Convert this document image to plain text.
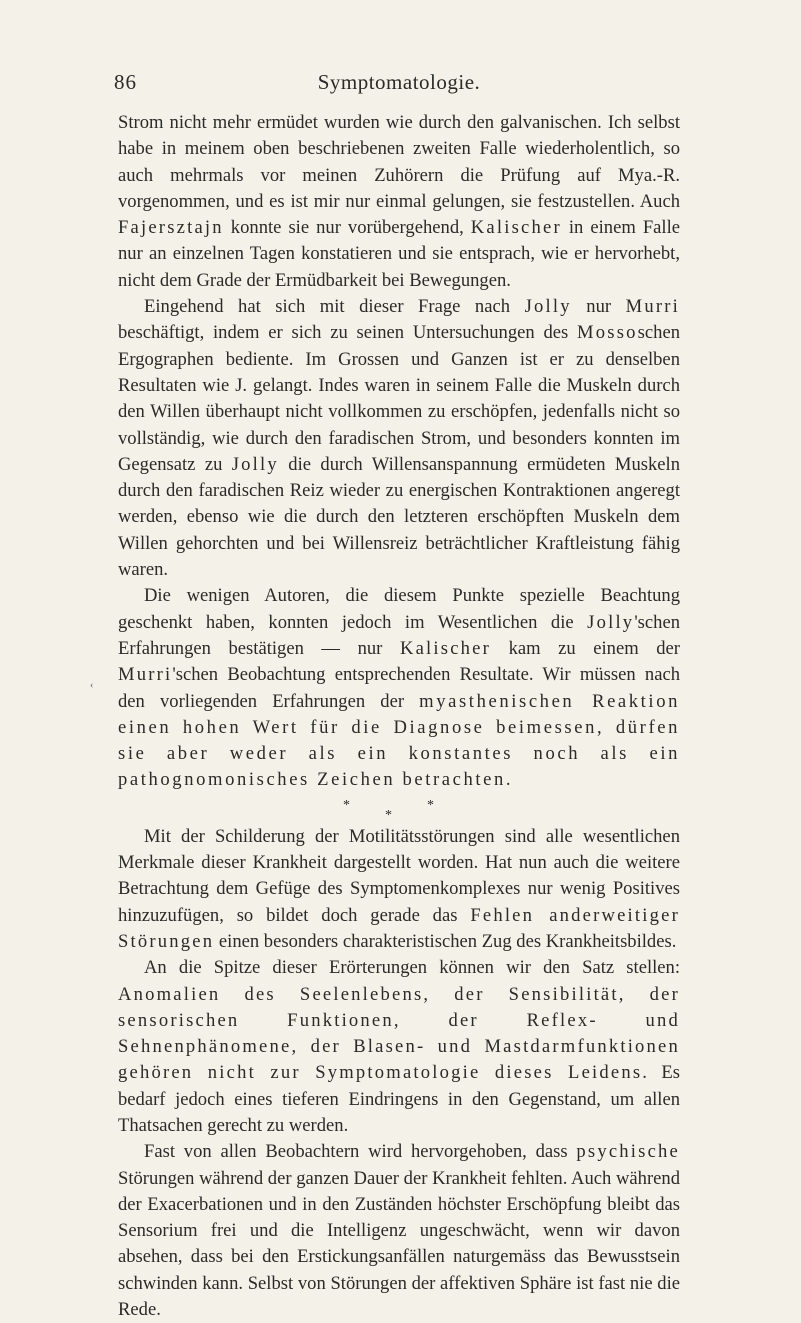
86	Symptomatologie.

Strom nicht mehr ermüdet wurden wie durch den galvanischen. Ich selbst habe in meinem oben beschriebenen zweiten Falle wiederholentlich, so auch mehrmals vor meinen Zuhörern die Prüfung auf Mya.-R. vorgenommen, und es ist mir nur einmal gelungen, sie festzustellen. Auch Fajersztajn konnte sie nur vorübergehend, Kalischer in einem Falle nur an einzelnen Tagen konstatieren und sie entsprach, wie er hervorhebt, nicht dem Grade der Ermüdbarkeit bei Bewegungen.

Eingehend hat sich mit dieser Frage nach Jolly nur Murri beschäftigt, indem er sich zu seinen Untersuchungen des Mossoschen Ergographen bediente. Im Grossen und Ganzen ist er zu denselben Resultaten wie J. gelangt. Indes waren in seinem Falle die Muskeln durch den Willen überhaupt nicht vollkommen zu erschöpfen, jedenfalls nicht so vollständig, wie durch den faradischen Strom, und besonders konnten im Gegensatz zu Jolly die durch Willensanspannung ermüdeten Muskeln durch den faradischen Reiz wieder zu energischen Kontraktionen angeregt werden, ebenso wie die durch den letzteren erschöpften Muskeln dem Willen gehorchten und bei Willensreiz beträchtlicher Kraftleistung fähig waren.

Die wenigen Autoren, die diesem Punkte spezielle Beachtung geschenkt haben, konnten jedoch im Wesentlichen die Jolly'schen Erfahrungen bestätigen — nur Kalischer kam zu einem der Murri'schen Beobachtung entsprechenden Resultate. Wir müssen nach den vorliegenden Erfahrungen der myasthenischen Reaktion einen hohen Wert für die Diagnose beimessen, dürfen sie aber weder als ein konstantes noch als ein pathognomonisches Zeichen betrachten.

*	*
*

Mit der Schilderung der Motilitätsstörungen sind alle wesentlichen Merkmale dieser Krankheit dargestellt worden. Hat nun auch die weitere Betrachtung dem Gefüge des Symptomenkomplexes nur wenig Positives hinzuzufügen, so bildet doch gerade das Fehlen anderweitiger Störungen einen besonders charakteristischen Zug des Krankheitsbildes.

An die Spitze dieser Erörterungen können wir den Satz stellen: Anomalien des Seelenlebens, der Sensibilität, der sensorischen Funktionen, der Reflex- und Sehnenphänomene, der Blasen- und Mastdarmfunktionen gehören nicht zur Symptomatologie dieses Leidens. Es bedarf jedoch eines tieferen Eindringens in den Gegenstand, um allen Thatsachen gerecht zu werden.

Fast von allen Beobachtern wird hervorgehoben, dass psychische Störungen während der ganzen Dauer der Krankheit fehlten. Auch während der Exacerbationen und in den Zuständen höchster Erschöpfung bleibt das Sensorium frei und die Intelligenz ungeschwächt, wenn wir davon absehen, dass bei den Erstickungsanfällen naturgemäss das Bewusstsein schwinden kann. Selbst von Störungen der affektiven Sphäre ist fast nie die Rede.

‹
